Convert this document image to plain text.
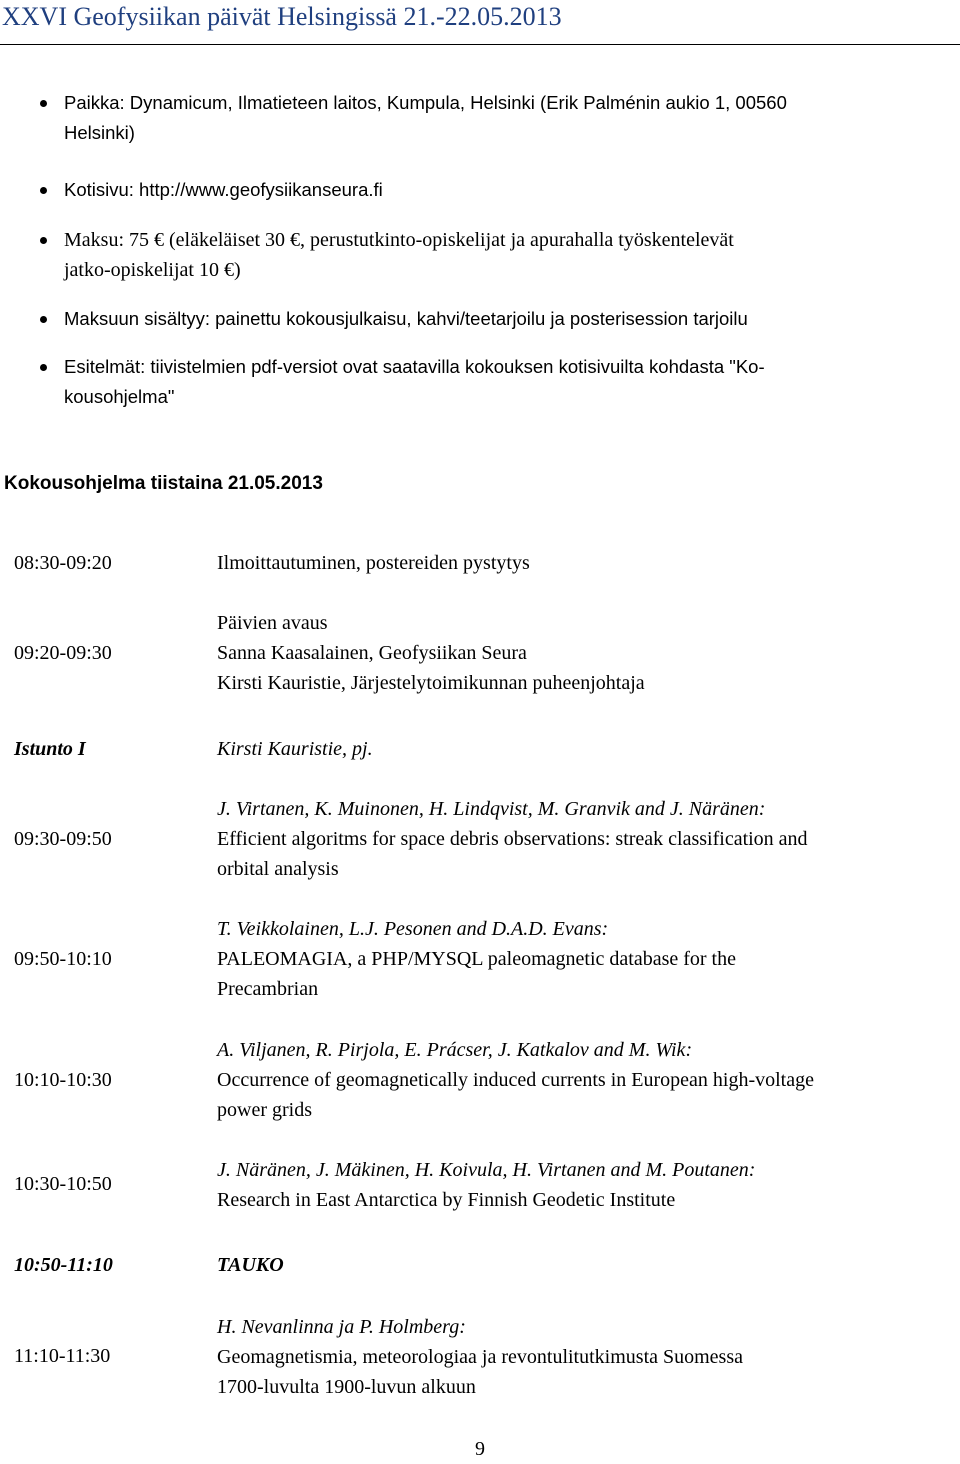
XXVI Geofysiikan päivät Helsingissä 21.-22.05.2013
Paikka: Dynamicum, Ilmatieteen laitos, Kumpula, Helsinki (Erik Palménin aukio 1, 00560
Helsinki)
Kotisivu: http://www.geofysiikanseura.fi
Maksu: 75 € (eläkeläiset 30 €, perustutkinto-opiskelijat ja apurahalla työskentelevät
jatko-opiskelijat 10 €)
Maksuun sisältyy: painettu kokousjulkaisu, kahvi/teetarjoilu ja posterisession tarjoilu
Esitelmät: tiivistelmien pdf-versiot ovat saatavilla kokouksen kotisivuilta kohdasta "Ko-
kousohjelma"
Kokousohjelma tiistaina 21.05.2013
08:30-09:20	Ilmoittautuminen, postereiden pystytys
09:20-09:30
Päivien avaus
Sanna Kaasalainen, Geofysiikan Seura
Kirsti Kauristie, Järjestelytoimikunnan puheenjohtaja
Istunto I	Kirsti Kauristie, pj.
09:30-09:50
J. Virtanen, K. Muinonen, H. Lindqvist, M. Granvik and J. Näränen:
Efficient algoritms for space debris observations: streak classification and
orbital analysis
09:50-10:10
T. Veikkolainen, L.J. Pesonen and D.A.D. Evans:
PALEOMAGIA, a PHP/MYSQL paleomagnetic database for the
Precambrian
10:10-10:30
A. Viljanen, R. Pirjola, E. Prácser, J. Katkalov and M. Wik:
Occurrence of geomagnetically induced currents in European high-voltage
power grids
10:30-10:50
J. Näränen, J. Mäkinen, H. Koivula, H. Virtanen and M. Poutanen:
Research in East Antarctica by Finnish Geodetic Institute
10:50-11:10	TAUKO
11:10-11:30
H. Nevanlinna ja P. Holmberg:
Geomagnetismia, meteorologiaa ja revontulitutkimusta Suomessa
1700-luvulta 1900-luvun alkuun
9
